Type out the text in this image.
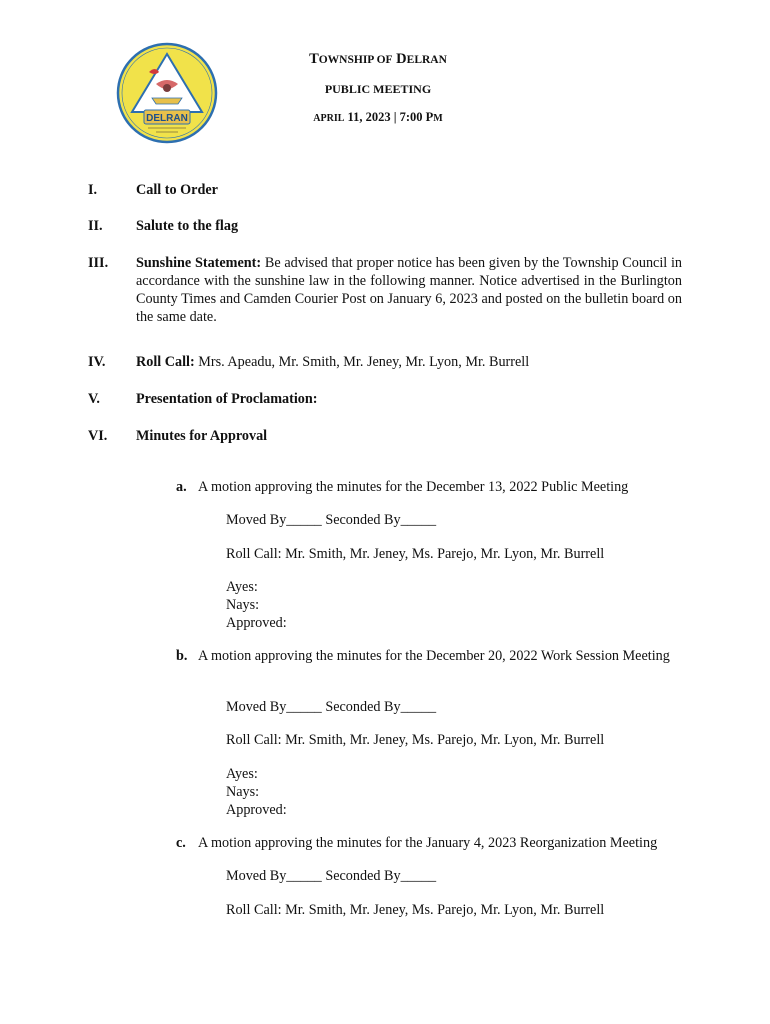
DELRAN
TOWNSHIP OF DELRAN
PUBLIC MEETING
APRIL 11, 2023 | 7:00 PM
I.	Call to Order
II. Salute to the flag
III. Sunshine Statement: Be advised that proper notice has been given by the Township Council in accordance with the sunshine law in the following manner. Notice advertised in the Burlington County Times and Camden Courier Post on January 6, 2023 and posted on the bulletin board on the same date.
IV. Roll Call: Mrs. Apeadu, Mr. Smith, Mr. Jeney, Mr. Lyon, Mr. Burrell
V.	Presentation of Proclamation:
VI. Minutes for Approval
a. A motion approving the minutes for the December 13, 2022 Public Meeting
Moved By_____ Seconded By_____
Roll Call: Mr. Smith, Mr. Jeney, Ms. Parejo, Mr. Lyon, Mr. Burrell
Ayes:
Nays:
Approved:
b. A motion approving the minutes for the December 20, 2022 Work Session Meeting
Moved By_____ Seconded By_____
Roll Call: Mr. Smith, Mr. Jeney, Ms. Parejo, Mr. Lyon, Mr. Burrell
Ayes:
Nays:
Approved:
c. A motion approving the minutes for the January 4, 2023 Reorganization Meeting
Moved By_____ Seconded By_____
Roll Call: Mr. Smith, Mr. Jeney, Ms. Parejo, Mr. Lyon, Mr. Burrell
